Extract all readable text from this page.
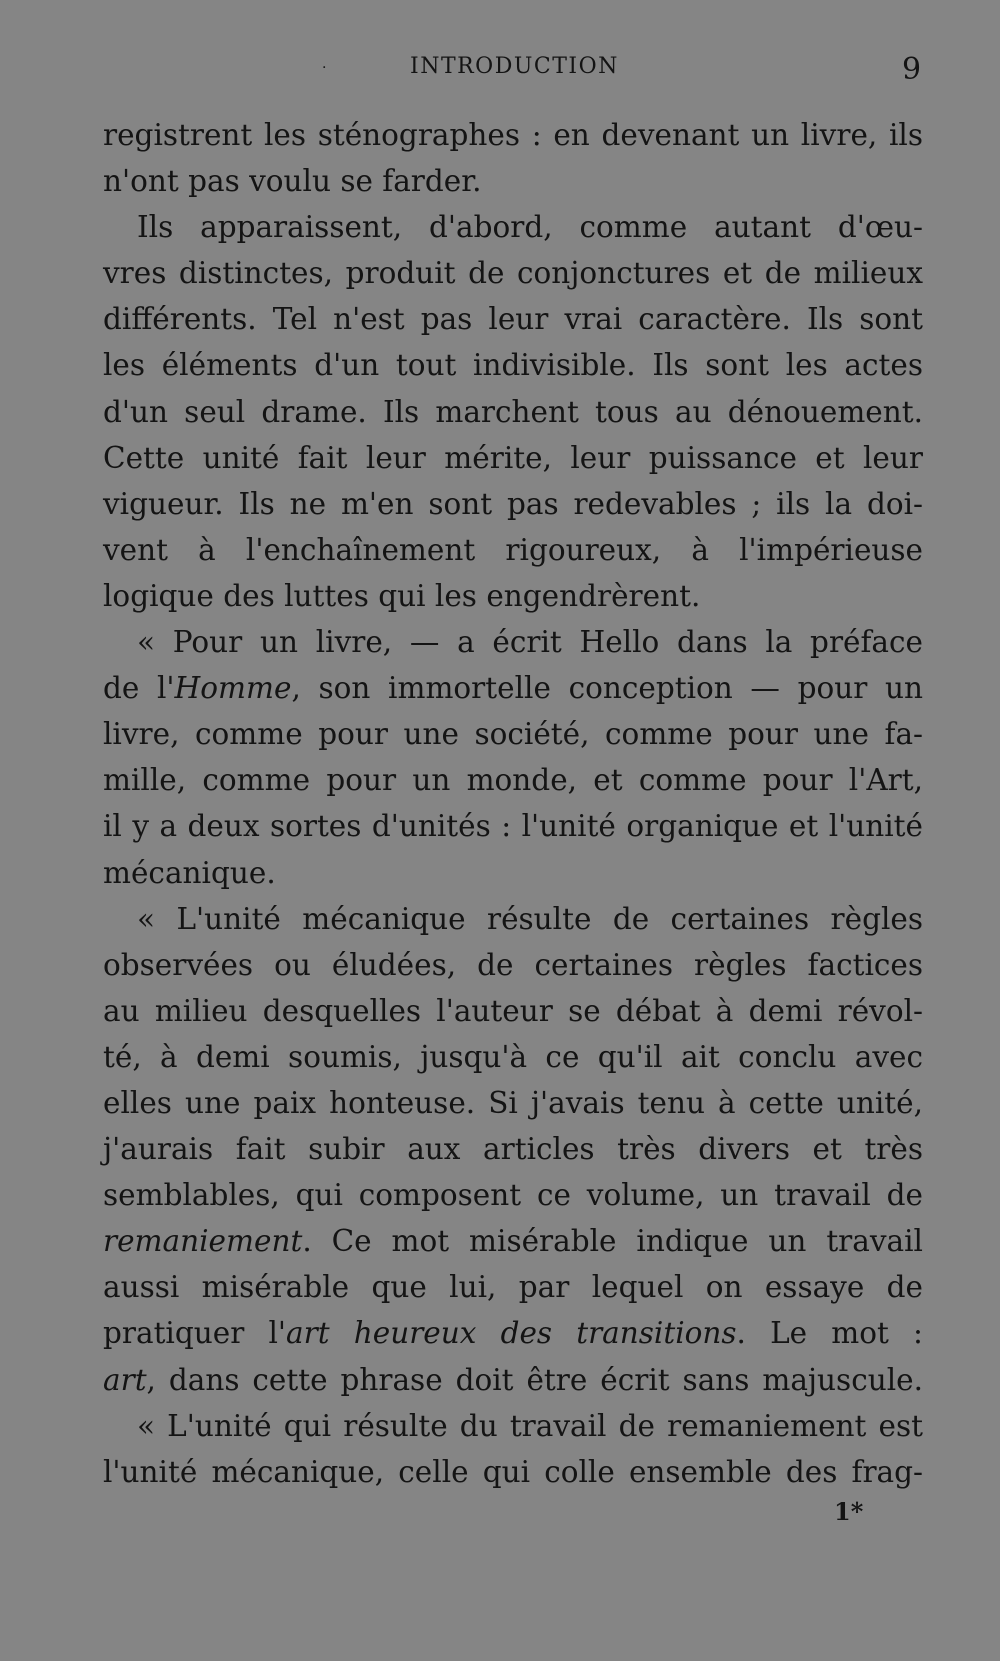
·	INTRODUCTION	9
registrent les sténographes : en devenant un livre, ils
n'ont pas voulu se farder.
Ils apparaissent, d'abord, comme autant d'œu-
vres distinctes, produit de conjonctures et de milieux
différents. Tel n'est pas leur vrai caractère. Ils sont
les éléments d'un tout indivisible. Ils sont les actes
d'un seul drame. Ils marchent tous au dénouement.
Cette unité fait leur mérite, leur puissance et leur
vigueur. Ils ne m'en sont pas redevables ; ils la doi-
vent à l'enchaînement rigoureux, à l'impérieuse
logique des luttes qui les engendrèrent.
« Pour un livre, — a écrit Hello dans la préface
de l'Homme, son immortelle conception — pour un
livre, comme pour une société, comme pour une fa-
mille, comme pour un monde, et comme pour l'Art,
il y a deux sortes d'unités : l'unité organique et l'unité
mécanique.
« L'unité mécanique résulte de certaines règles
observées ou éludées, de certaines règles factices
au milieu desquelles l'auteur se débat à demi révol-
té, à demi soumis, jusqu'à ce qu'il ait conclu avec
elles une paix honteuse. Si j'avais tenu à cette unité,
j'aurais fait subir aux articles très divers et très
semblables, qui composent ce volume, un travail de
remaniement. Ce mot misérable indique un travail
aussi misérable que lui, par lequel on essaye de
pratiquer l'art heureux des transitions. Le mot :
art, dans cette phrase doit être écrit sans majuscule.
« L'unité qui résulte du travail de remaniement est
l'unité mécanique, celle qui colle ensemble des frag-
1*
